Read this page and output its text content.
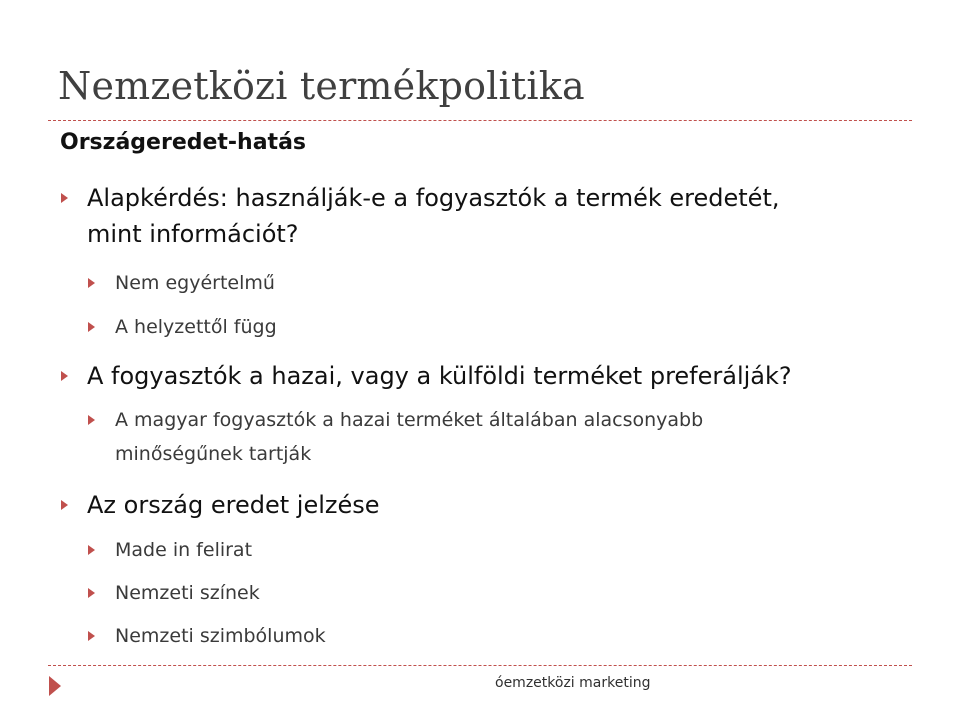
Nemzetközi termékpolitika
Országeredet-hatás
Alapkérdés: használják-e a fogyasztók a termék eredetét,
mint információt?
Nem egyértelmű
A helyzettől függ
A fogyasztók a hazai, vagy a külföldi terméket preferálják?
A magyar fogyasztók a hazai terméket általában alacsonyabb
minőségűnek tartják
Az ország eredet jelzése
Made in felirat
Nemzeti színek
Nemzeti szimbólumok
óemzetközi marketing
